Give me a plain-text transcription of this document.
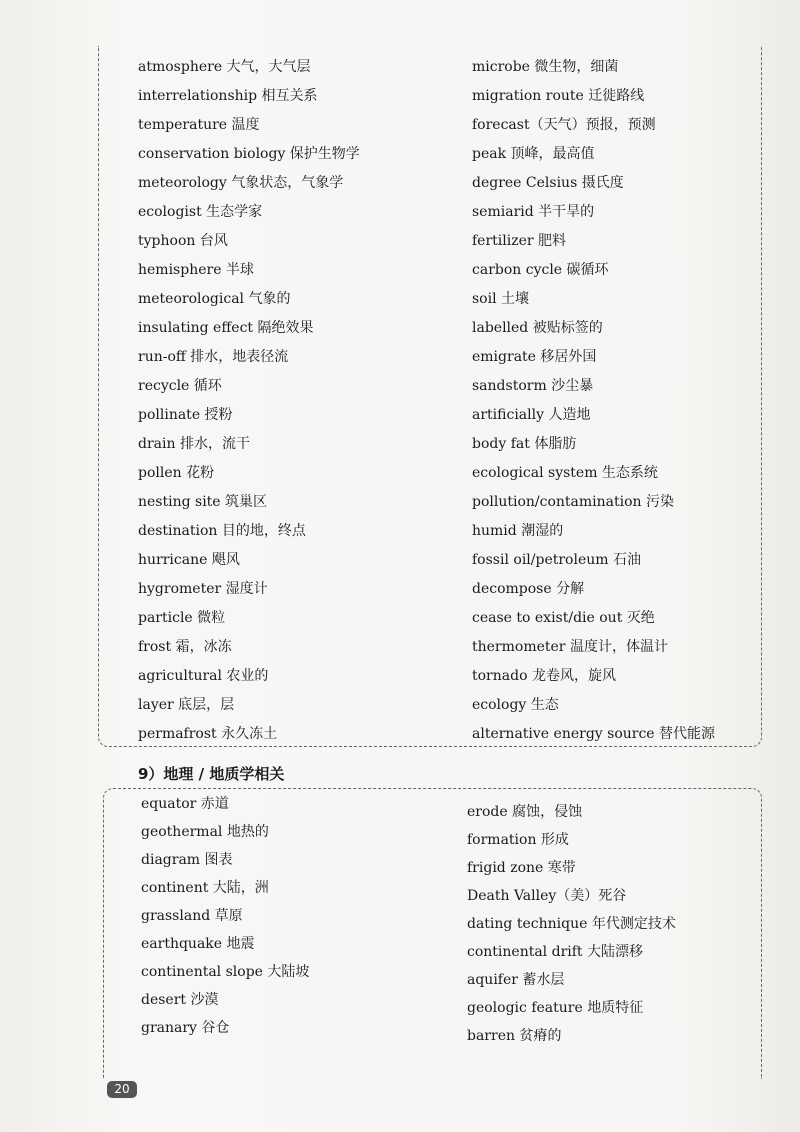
atmosphere 大气，大气层
interrelationship 相互关系
temperature 温度
conservation biology 保护生物学
meteorology 气象状态，气象学
ecologist 生态学家
typhoon 台风
hemisphere 半球
meteorological 气象的
insulating effect 隔绝效果
run-off 排水，地表径流
recycle 循环
pollinate 授粉
drain 排水，流干
pollen 花粉
nesting site 筑巢区
destination 目的地，终点
hurricane 飓风
hygrometer 湿度计
particle 微粒
frost 霜，冰冻
agricultural 农业的
layer 底层，层
permafrost 永久冻土
microbe 微生物，细菌
migration route 迁徙路线
forecast（天气）预报，预测
peak 顶峰，最高值
degree Celsius 摄氏度
semiarid 半干旱的
fertilizer 肥料
carbon cycle 碳循环
soil 土壤
labelled 被贴标签的
emigrate 移居外国
sandstorm 沙尘暴
artificially 人造地
body fat 体脂肪
ecological system 生态系统
pollution/contamination 污染
humid 潮湿的
fossil oil/petroleum 石油
decompose 分解
cease to exist/die out 灭绝
thermometer 温度计，体温计
tornado 龙卷风，旋风
ecology 生态
alternative energy source 替代能源
9）地理 / 地质学相关
equator 赤道
geothermal 地热的
diagram 图表
continent 大陆，洲
grassland 草原
earthquake 地震
continental slope 大陆坡
desert 沙漠
granary 谷仓
erode 腐蚀，侵蚀
formation 形成
frigid zone 寒带
Death Valley（美）死谷
dating technique 年代测定技术
continental drift 大陆漂移
aquifer 蓄水层
geologic feature 地质特征
barren 贫瘠的
20
